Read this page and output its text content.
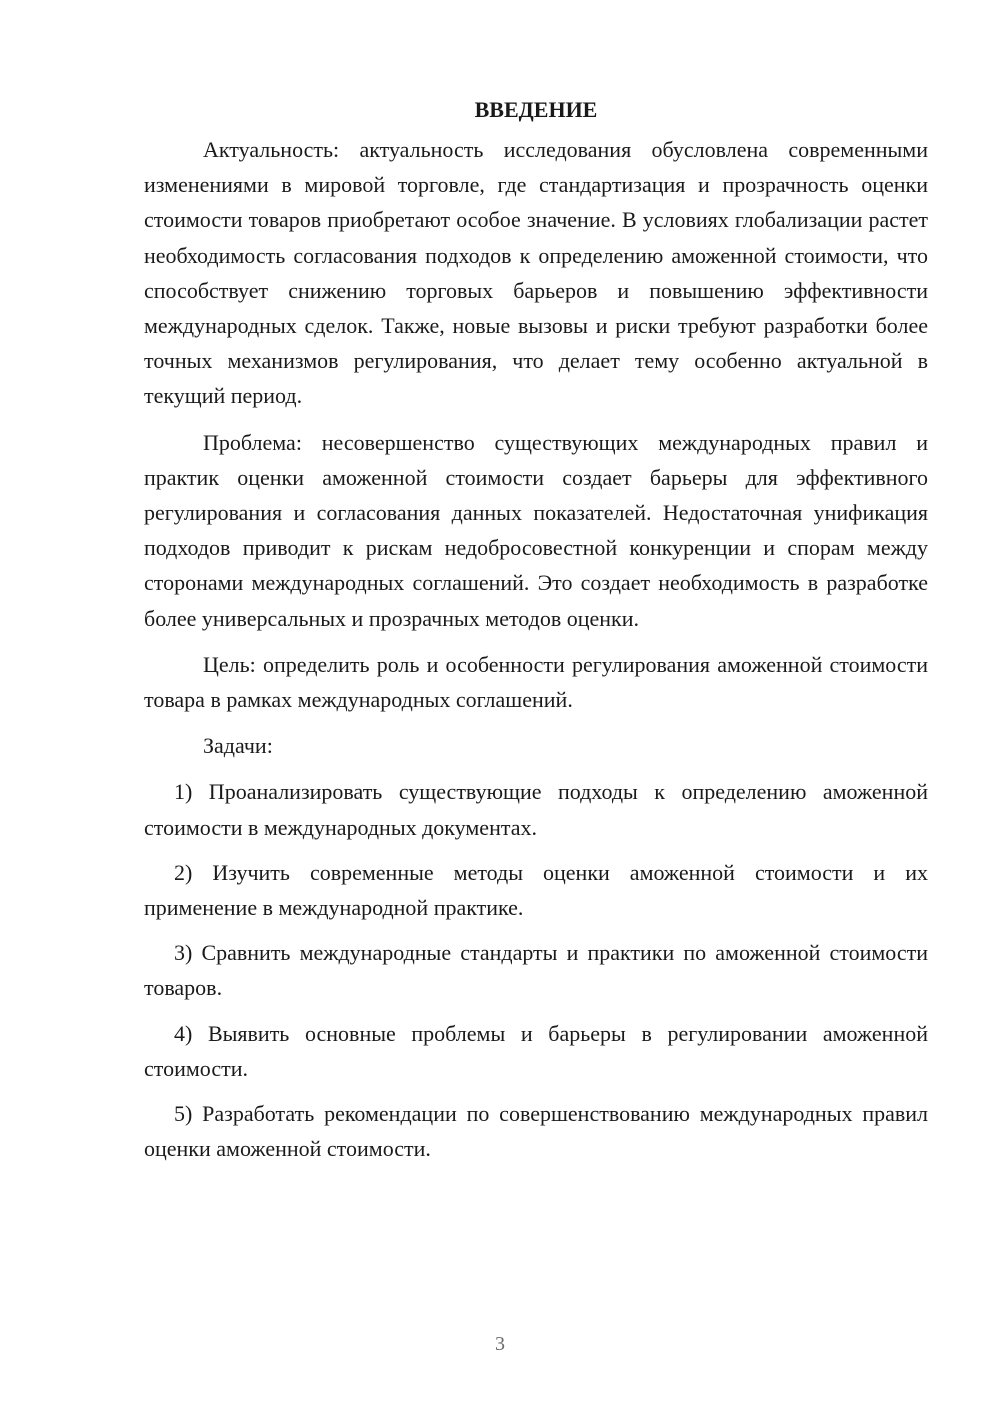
ВВЕДЕНИЕ

Актуальность: актуальность исследования обусловлена современными изменениями в мировой торговле, где стандартизация и прозрачность оценки стоимости товаров приобретают особое значение. В условиях глобализации растет необходимость согласования подходов к определению аможенной стоимости, что способствует снижению торговых барьеров и повышению эффективности международных сделок. Также, новые вызовы и риски требуют разработки более точных механизмов регулирования, что делает тему особенно актуальной в текущий период.

Проблема: несовершенство существующих международных правил и практик оценки аможенной стоимости создает барьеры для эффективного регулирования и согласования данных показателей. Недостаточная унификация подходов приводит к рискам недобросовестной конкуренции и спорам между сторонами международных соглашений. Это создает необходимость в разработке более универсальных и прозрачных методов оценки.

Цель: определить роль и особенности регулирования аможенной стоимости товара в рамках международных соглашений.

Задачи:

1) Проанализировать существующие подходы к определению аможенной стоимости в международных документах.

2) Изучить современные методы оценки аможенной стоимости и их применение в международной практике.

3) Сравнить международные стандарты и практики по аможенной стоимости товаров.

4) Выявить основные проблемы и барьеры в регулировании аможенной стоимости.

5) Разработать рекомендации по совершенствованию международных правил оценки аможенной стоимости.

3
